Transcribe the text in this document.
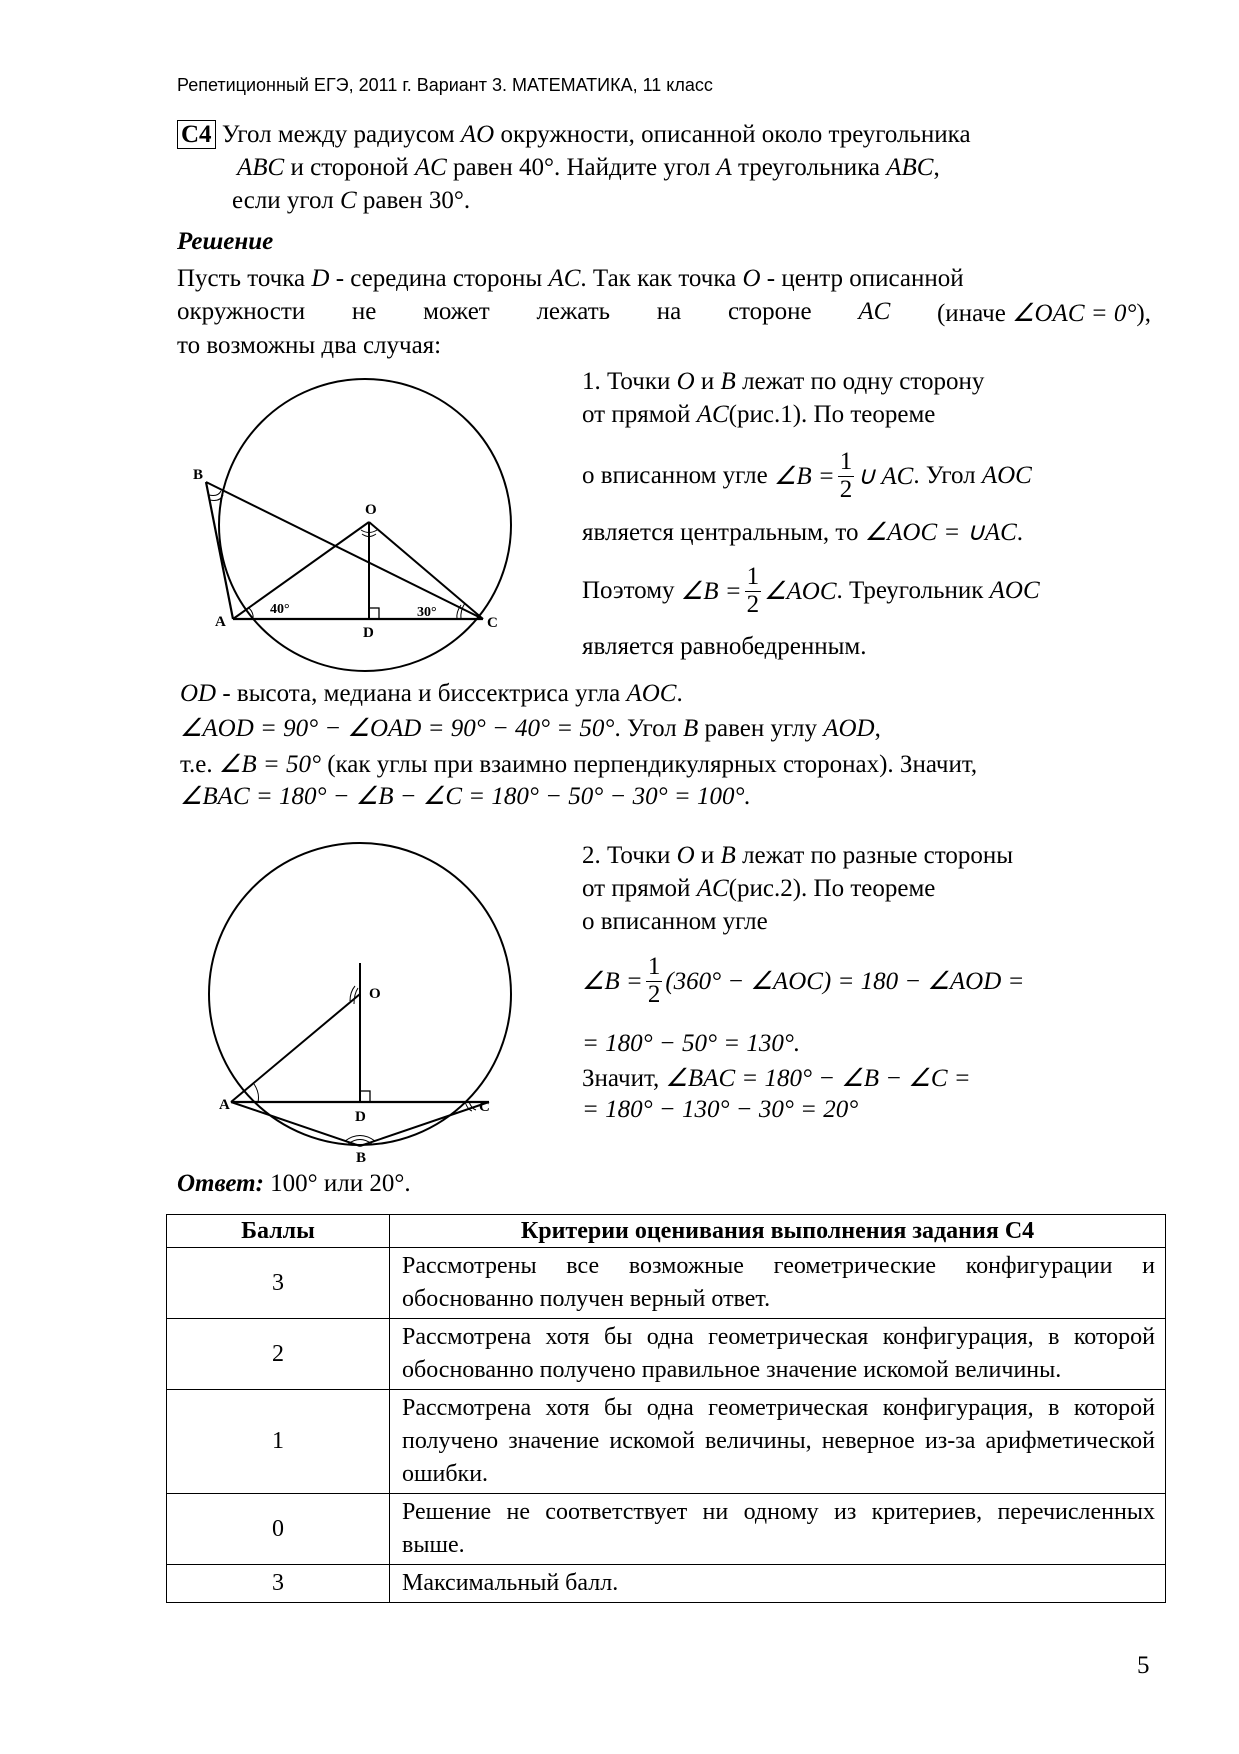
Репетиционный ЕГЭ, 2011 г. Вариант 3. МАТЕМАТИКА, 11 класс
C4 Угол между радиусом AO окружности, описанной около треугольника
ABC и стороной AC равен 40°. Найдите угол A треугольника ABC,
если угол C равен 30°.
Решение
Пусть точка D - середина стороны AC. Так как точка O - центр описанной
окружности не может лежать на стороне AC (иначе ∠OAC = 0°),
то возможны два случая:
B
O
A
D
C
40°	30°
1. Точки O и B лежат по одну сторону
от прямой AC(рис.1). По теореме
о вписанном угле
∠B = $\frac{1}{2}$ ∪ AC . Угол
AOC
является центральным, то ∠AOC = ∪AC.
Поэтому
∠B = $\frac{1}{2}$ ∠AOC . Треугольник
AOC
является равнобедренным.
OD - высота, медиана и биссектриса угла AOC.
∠AOD = 90° − ∠OAD = 90° − 40° = 50°. Угол B равен углу AOD,
т.е. ∠B = 50° (как углы при взаимно перпендикулярных сторонах). Значит,
∠BAC = 180° − ∠B − ∠C = 180° − 50° − 30° = 100°.
O
A
D
C
B
2. Точки O и B лежат по разные стороны
от прямой AC(рис.2). По теореме
о вписанном угле
∠B = $\frac{1}{2} (360^\circ$ − ∠AOC) = 180 − ∠AOD =
= 180° − 50° = 130°.
Значит, ∠BAC = 180° − ∠B − ∠C =
= 180° − 130° − 30° = 20°
Ответ: 100° или 20°.
Баллы	Критерии оценивания выполнения задания С4
3	Рассмотрены все возможные геометрические конфигурации и обоснованно получен верный ответ.
2	Рассмотрена хотя бы одна геометрическая конфигурация, в которой обоснованно получено правильное значение искомой величины.
1	Рассмотрена хотя бы одна геометрическая конфигурация, в которой получено значение искомой величины, неверное из-за арифметической ошибки.
0	Решение не соответствует ни одному из критериев, перечисленных выше.
3	Максимальный балл.
5
